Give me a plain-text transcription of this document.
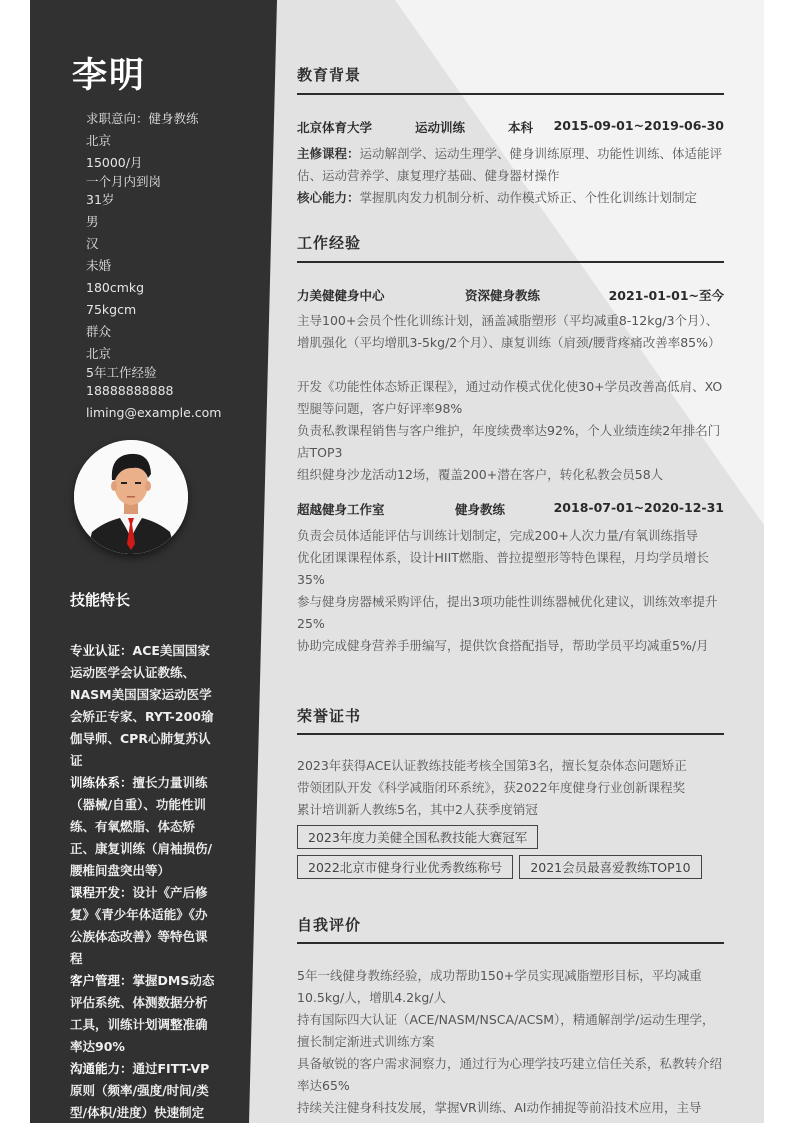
李明
求职意向：健身教练
北京
15000/月
一个月内到岗
31岁
男
汉
未婚
180cmkg
75kgcm
群众
北京
5年工作经验
18888888888
liming@example.com
技能特长

专业认证：ACE美国国家运动医学会认证教练、NASM美国国家运动医学会矫正专家、RYT-200瑜伽导师、CPR心肺复苏认证

训练体系：擅长力量训练（器械/自重）、功能性训练、有氧燃脂、体态矫正、康复训练（肩袖损伤/腰椎间盘突出等）

课程开发：设计《产后修复》《青少年体适能》《办公族体态改善》等特色课程

客户管理：掌握DMS动态评估系统、体测数据分析工具，训练计划调整准确率达90%

沟通能力：通过FITT-VP原则（频率/强度/时间/类型/体积/进度）快速制定

教育背景
北京体育大学	运动训练	本科 2015-09-01~2019-06-30

主修课程：运动解剖学、运动生理学、健身训练原理、功能性训练、体适能评估、运动营养学、康复理疗基础、健身器材操作

核心能力：掌握肌肉发力机制分析、动作模式矫正、个性化训练计划制定

工作经验
力美健健身中心	资深健身教练	2021-01-01~至今

主导100+会员个性化训练计划，涵盖减脂塑形（平均减重8-12kg/3个月）、增肌强化（平均增肌3-5kg/2个月）、康复训练（肩颈/腰背疼痛改善率85%）

开发《功能性体态矫正课程》，通过动作模式优化使30+学员改善高低肩、XO型腿等问题，客户好评率98%

负责私教课程销售与客户维护，年度续费率达92%，个人业绩连续2年排名门店TOP3

组织健身沙龙活动12场，覆盖200+潜在客户，转化私教会员58人

超越健身工作室	健身教练	2018-07-01~2020-12-31

负责会员体适能评估与训练计划制定，完成200+人次力量/有氧训练指导

优化团课课程体系，设计HIIT燃脂、普拉提塑形等特色课程，月均学员增长35%

参与健身房器械采购评估，提出3项功能性训练器械优化建议，训练效率提升25%

协助完成健身营养手册编写，提供饮食搭配指导，帮助学员平均减重5%/月

荣誉证书

2023年获得ACE认证教练技能考核全国第3名，擅长复杂体态问题矫正

带领团队开发《科学减脂闭环系统》，获2022年度健身行业创新课程奖

累计培训新人教练5名，其中2人获季度销冠

2023年度力美健全国私教技能大赛冠军
2022北京市健身行业优秀教练称号 2021会员最喜爱教练TOP10
自我评价

5年一线健身教练经验，成功帮助150+学员实现减脂塑形目标，平均减重10.5kg/人，增肌4.2kg/人

持有国际四大认证（ACE/NASM/NSCA/ACSM），精通解剖学/运动生理学，擅长制定渐进式训练方案

具备敏锐的客户需求洞察力，通过行为心理学技巧建立信任关系，私教转介绍率达65%

持续关注健身科技发展，掌握VR训练、AI动作捕捉等前沿技术应用，主导
